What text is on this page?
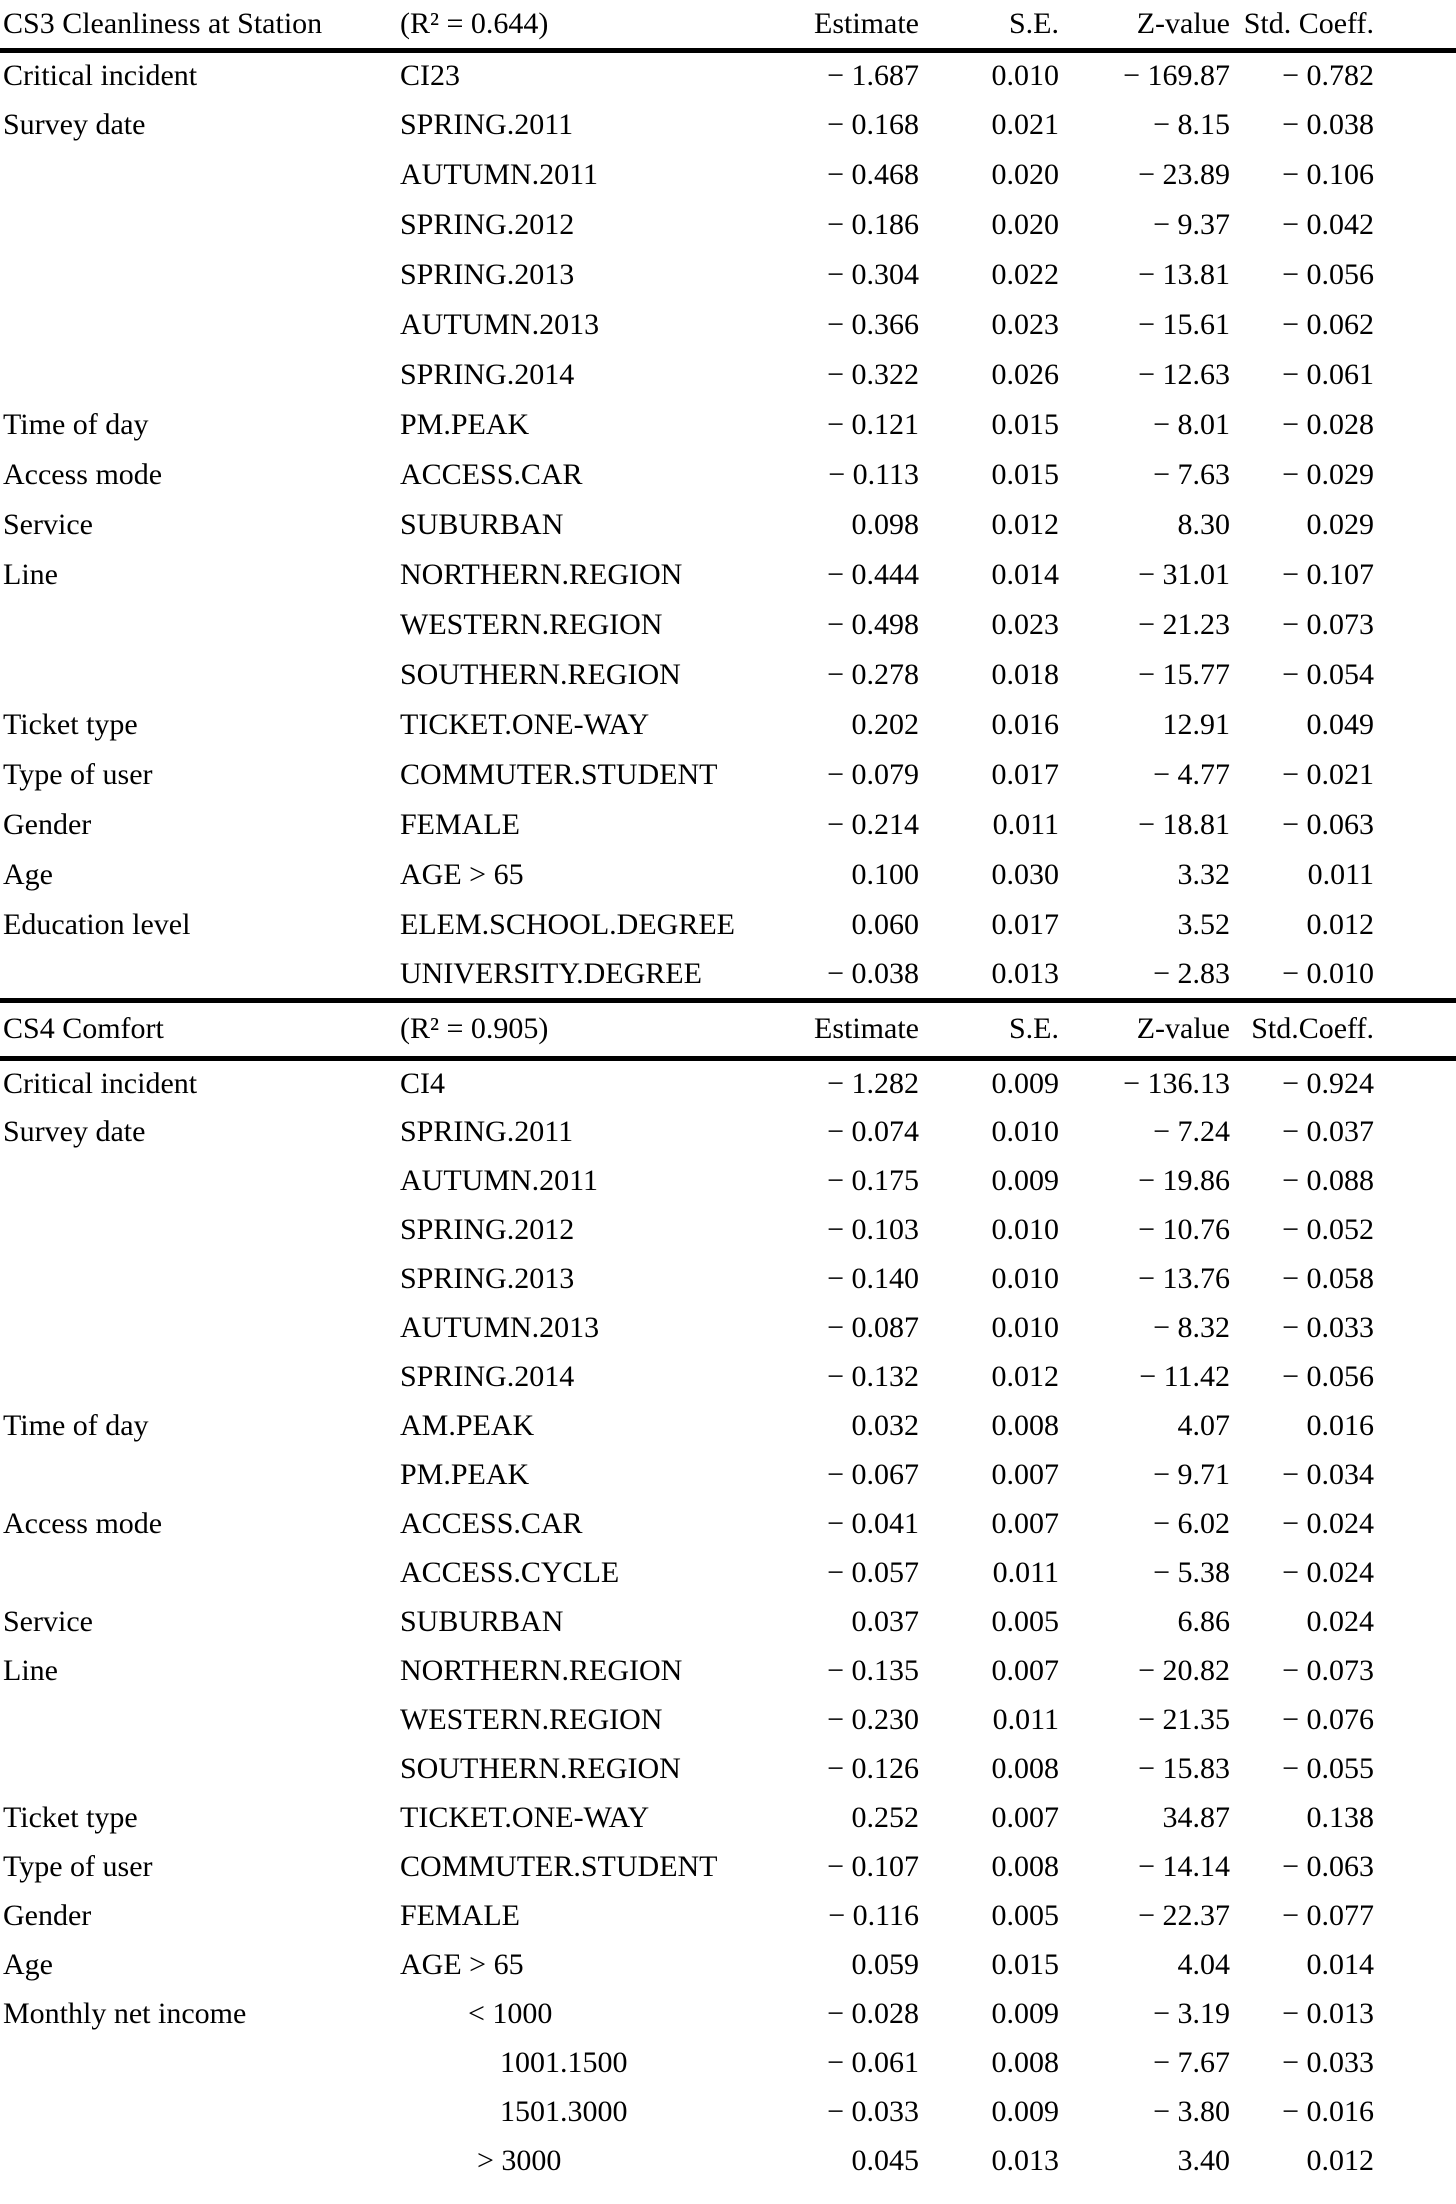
CS3 Cleanliness at Station	(R² = 0.644)	Estimate	S.E.	Z-value	Std. Coeff.
Critical incident	CI23	− 1.687	0.010	− 169.87	− 0.782
Survey date	SPRING.2011	− 0.168	0.021	− 8.15	− 0.038
	AUTUMN.2011	− 0.468	0.020	− 23.89	− 0.106
	SPRING.2012	− 0.186	0.020	− 9.37	− 0.042
	SPRING.2013	− 0.304	0.022	− 13.81	− 0.056
	AUTUMN.2013	− 0.366	0.023	− 15.61	− 0.062
	SPRING.2014	− 0.322	0.026	− 12.63	− 0.061
Time of day	PM.PEAK	− 0.121	0.015	− 8.01	− 0.028
Access mode	ACCESS.CAR	− 0.113	0.015	− 7.63	− 0.029
Service	SUBURBAN	0.098	0.012	8.30	0.029
Line	NORTHERN.REGION	− 0.444	0.014	− 31.01	− 0.107
	WESTERN.REGION	− 0.498	0.023	− 21.23	− 0.073
	SOUTHERN.REGION	− 0.278	0.018	− 15.77	− 0.054
Ticket type	TICKET.ONE-WAY	0.202	0.016	12.91	0.049
Type of user	COMMUTER.STUDENT	− 0.079	0.017	− 4.77	− 0.021
Gender	FEMALE	− 0.214	0.011	− 18.81	− 0.063
Age	AGE > 65	0.100	0.030	3.32	0.011
Education level	ELEM.SCHOOL.DEGREE	0.060	0.017	3.52	0.012
	UNIVERSITY.DEGREE	− 0.038	0.013	− 2.83	− 0.010
CS4 Comfort	(R² = 0.905)	Estimate	S.E.	Z-value	Std.Coeff.
Critical incident	CI4	− 1.282	0.009	− 136.13	− 0.924
Survey date	SPRING.2011	− 0.074	0.010	− 7.24	− 0.037
	AUTUMN.2011	− 0.175	0.009	− 19.86	− 0.088
	SPRING.2012	− 0.103	0.010	− 10.76	− 0.052
	SPRING.2013	− 0.140	0.010	− 13.76	− 0.058
	AUTUMN.2013	− 0.087	0.010	− 8.32	− 0.033
	SPRING.2014	− 0.132	0.012	− 11.42	− 0.056
Time of day	AM.PEAK	0.032	0.008	4.07	0.016
	PM.PEAK	− 0.067	0.007	− 9.71	− 0.034
Access mode	ACCESS.CAR	− 0.041	0.007	− 6.02	− 0.024
	ACCESS.CYCLE	− 0.057	0.011	− 5.38	− 0.024
Service	SUBURBAN	0.037	0.005	6.86	0.024
Line	NORTHERN.REGION	− 0.135	0.007	− 20.82	− 0.073
	WESTERN.REGION	− 0.230	0.011	− 21.35	− 0.076
	SOUTHERN.REGION	− 0.126	0.008	− 15.83	− 0.055
Ticket type	TICKET.ONE-WAY	0.252	0.007	34.87	0.138
Type of user	COMMUTER.STUDENT	− 0.107	0.008	− 14.14	− 0.063
Gender	FEMALE	− 0.116	0.005	− 22.37	− 0.077
Age	AGE > 65	0.059	0.015	4.04	0.014
Monthly net income	< 1000	− 0.028	0.009	− 3.19	− 0.013
	1001.1500	− 0.061	0.008	− 7.67	− 0.033
	1501.3000	− 0.033	0.009	− 3.80	− 0.016
	> 3000	0.045	0.013	3.40	0.012
